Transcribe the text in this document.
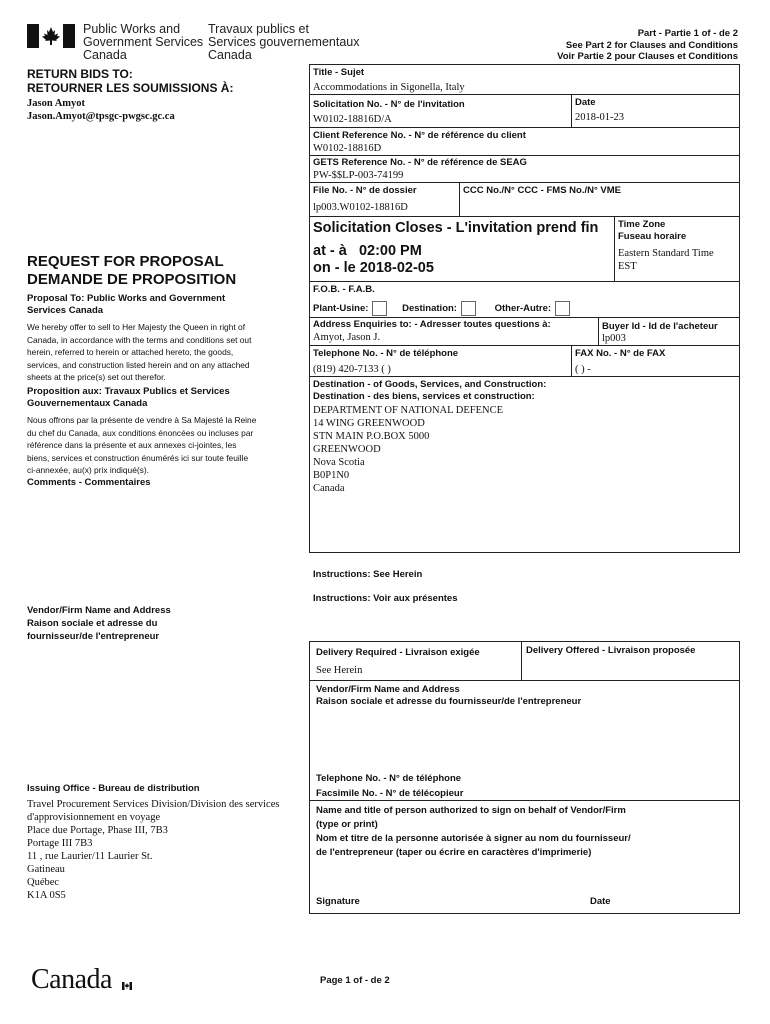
Public Works and
Government Services
Canada
Travaux publics et
Services gouvernementaux
Canada
Part - Partie 1 of - de 2
See Part 2 for Clauses and Conditions
Voir Partie 2 pour Clauses et Conditions
RETURN BIDS TO:
RETOURNER LES SOUMISSIONS À:
Jason Amyot
Jason.Amyot@tpsgc-pwgsc.gc.ca
REQUEST FOR PROPOSAL
DEMANDE DE PROPOSITION
Proposal To: Public Works and Government Services Canada
We hereby offer to sell to Her Majesty the Queen in right of Canada, in accordance with the terms and conditions set out herein, referred to herein or attached hereto, the goods, services, and construction listed herein and on any attached sheets at the price(s) set out therefor.
Proposition aux: Travaux Publics et Services Gouvernementaux Canada
Nous offrons par la présente de vendre à Sa Majesté la Reine du chef du Canada, aux conditions énoncées ou incluses par référence dans la présente et aux annexes ci-jointes, les biens, services et construction énumérés ici sur toute feuille ci-annexée, au(x) prix indiqué(s).
Comments - Commentaires
Vendor/Firm Name and Address
Raison sociale et adresse du
fournisseur/de l'entrepreneur
Issuing Office - Bureau de distribution
Travel Procurement Services Division/Division des services
d'approvisionnement en voyage
Place due Portage, Phase III, 7B3
Portage III 7B3
11 , rue Laurier/11 Laurier St.
Gatineau
Québec
K1A 0S5
Title - Sujet
Accommodations in Sigonella, Italy
Solicitation No. - N° de l'invitation
W0102-18816D/A
Date
2018-01-23
Client Reference No. - N° de référence du client
W0102-18816D
GETS Reference No. - N° de référence de SEAG
PW-$$LP-003-74199
File No. - N° de dossier
lp003.W0102-18816D
CCC No./N° CCC - FMS No./N° VME
Solicitation Closes - L'invitation prend fin
at - à 02:00 PM
on - le 2018-02-05
Time Zone
Fuseau horaire
Eastern Standard Time
EST
F.O.B. - F.A.B.
Plant-Usine:	Destination:	Other-Autre:
Address Enquiries to: - Adresser toutes questions à:
Amyot, Jason J.
Buyer Id - Id de l'acheteur
lp003
Telephone No. - N° de téléphone
(819) 420-7133 ( )
FAX No. - N° de FAX
( ) -
Destination - of Goods, Services, and Construction:
Destination - des biens, services et construction:
DEPARTMENT OF NATIONAL DEFENCE
14 WING GREENWOOD
STN MAIN P.O.BOX 5000
GREENWOOD
Nova Scotia
B0P1N0
Canada
Instructions: See Herein
Instructions: Voir aux présentes
Delivery Required - Livraison exigée
See Herein
Delivery Offered - Livraison proposée
Vendor/Firm Name and Address
Raison sociale et adresse du fournisseur/de l'entrepreneur
Telephone No. - N° de téléphone
Facsimile No. - N° de télécopieur
Name and title of person authorized to sign on behalf of Vendor/Firm
(type or print)
Nom et titre de la personne autorisée à signer au nom du fournisseur/
de l'entrepreneur (taper ou écrire en caractères d'imprimerie)
Signature	Date
Page 1 of - de 2
Canada
